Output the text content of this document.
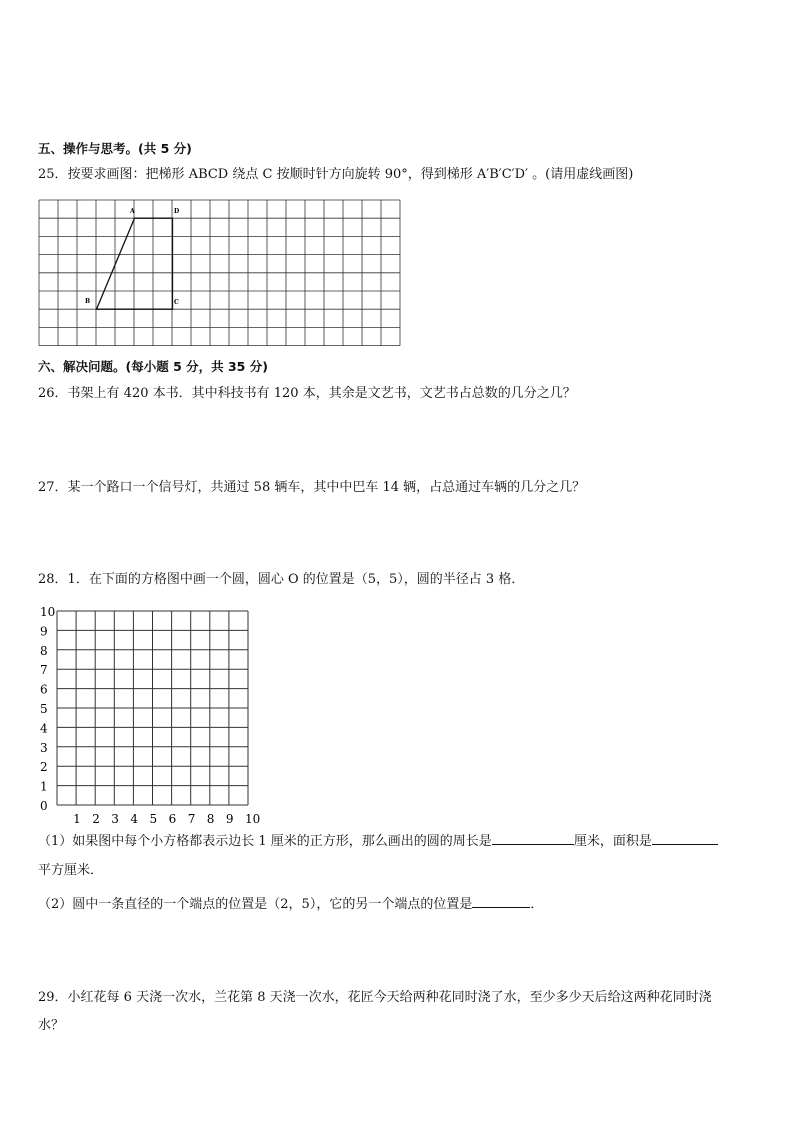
五、操作与思考。(共 5 分)
25．按要求画图：把梯形 ABCD 绕点 C 按顺时针方向旋转 90°，得到梯形 A′B′C′D′ 。(请用虚线画图)
A	D
B	C
六、解决问题。(每小题 5 分，共 35 分)
26．书架上有 420 本书．其中科技书有 120 本，其余是文艺书，文艺书占总数的几分之几？
27．某一个路口一个信号灯，共通过 58 辆车，其中中巴车 14 辆，占总通过车辆的几分之几？
28．1．在下面的方格图中画一个圆，圆心 O 的位置是（5，5），圆的半径占 3 格．
0
1
2
3
4
5
6
7
8
9
10
1 2 3 4 5 6 7 8 9 10
（1）如果图中每个小方格都表示边长 1 厘米的正方形，那么画出的圆的周长是	厘米，面积是
平方厘米．
（2）圆中一条直径的一个端点的位置是（2，5），它的另一个端点的位置是	．
29．小红花每 6 天浇一次水，兰花第 8 天浇一次水，花匠今天给两种花同时浇了水，至少多少天后给这两种花同时浇
水？
